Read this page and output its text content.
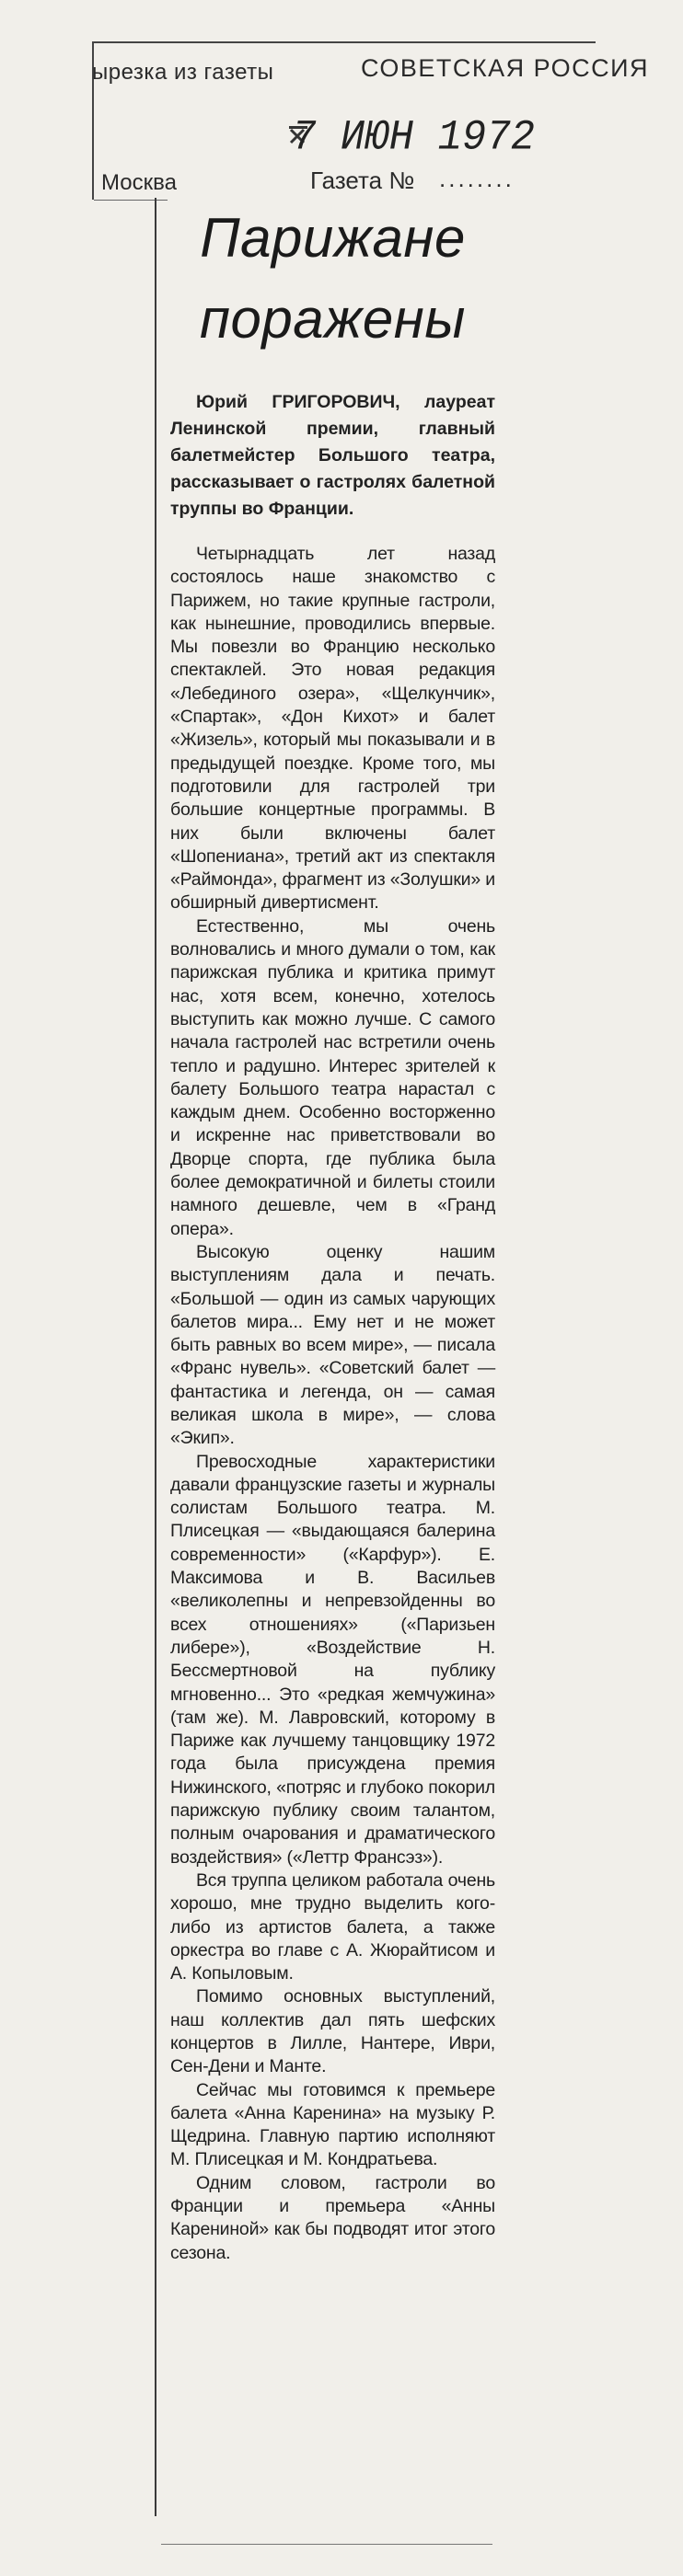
ырезка из газеты	СОВЕТСКАЯ РОССИЯ
7 ИЮН 1972
Москва	Газета № ........
Парижане поражены

Юрий ГРИГОРОВИЧ, лауреат Ленинской премии, главный балетмейстер Большого театра, рассказывает о гастролях балетной труппы во Франции.

Четырнадцать лет назад состоялось наше знакомство с Парижем, но такие крупные гастроли, как нынешние, проводились впервые. Мы повезли во Францию несколько спектаклей. Это новая редакция «Лебединого озера», «Щелкунчик», «Спартак», «Дон Кихот» и балет «Жизель», который мы показывали и в предыдущей поездке. Кроме того, мы подготовили для гастролей три большие концертные программы. В них были включены балет «Шопениана», третий акт из спектакля «Раймонда», фрагмент из «Золушки» и обширный дивертисмент.

Естественно, мы очень волновались и много думали о том, как парижская публика и критика примут нас, хотя всем, конечно, хотелось выступить как можно лучше. С самого начала гастролей нас встретили очень тепло и радушно. Интерес зрителей к балету Большого театра нарастал с каждым днем. Особенно восторженно и искренне нас приветствовали во Дворце спорта, где публика была более демократичной и билеты стоили намного дешевле, чем в «Гранд опера».

Высокую оценку нашим выступлениям дала и печать. «Большой — один из самых чарующих балетов мира... Ему нет и не может быть равных во всем мире», — писала «Франс нувель». «Советский балет — фантастика и легенда, он — самая великая школа в мире», — слова «Экип».

Превосходные характеристики давали французские газеты и журналы солистам Большого театра. М. Плисецкая — «выдающаяся балерина современности» («Карфур»). Е. Максимова и В. Васильев «великолепны и непревзойденны во всех отношениях» («Паризьен либере»), «Воздействие Н. Бессмертновой на публику мгновенно... Это «редкая жемчужина» (там же). М. Лавровский, которому в Париже как лучшему танцовщику 1972 года была присуждена премия Нижинского, «потряс и глубоко покорил парижскую публику своим талантом, полным очарования и драматического воздействия» («Леттр Франсэз»).

Вся труппа целиком работала очень хорошо, мне трудно выделить кого-либо из артистов балета, а также оркестра во главе с А. Жюрайтисом и А. Копыловым.

Помимо основных выступлений, наш коллектив дал пять шефских концертов в Лилле, Нантере, Иври, Сен-Дени и Манте.

Сейчас мы готовимся к премьере балета «Анна Каренина» на музыку Р. Щедрина. Главную партию исполняют М. Плисецкая и М. Кондратьева.

Одним словом, гастроли во Франции и премьера «Анны Карениной» как бы подводят итог этого сезона.
